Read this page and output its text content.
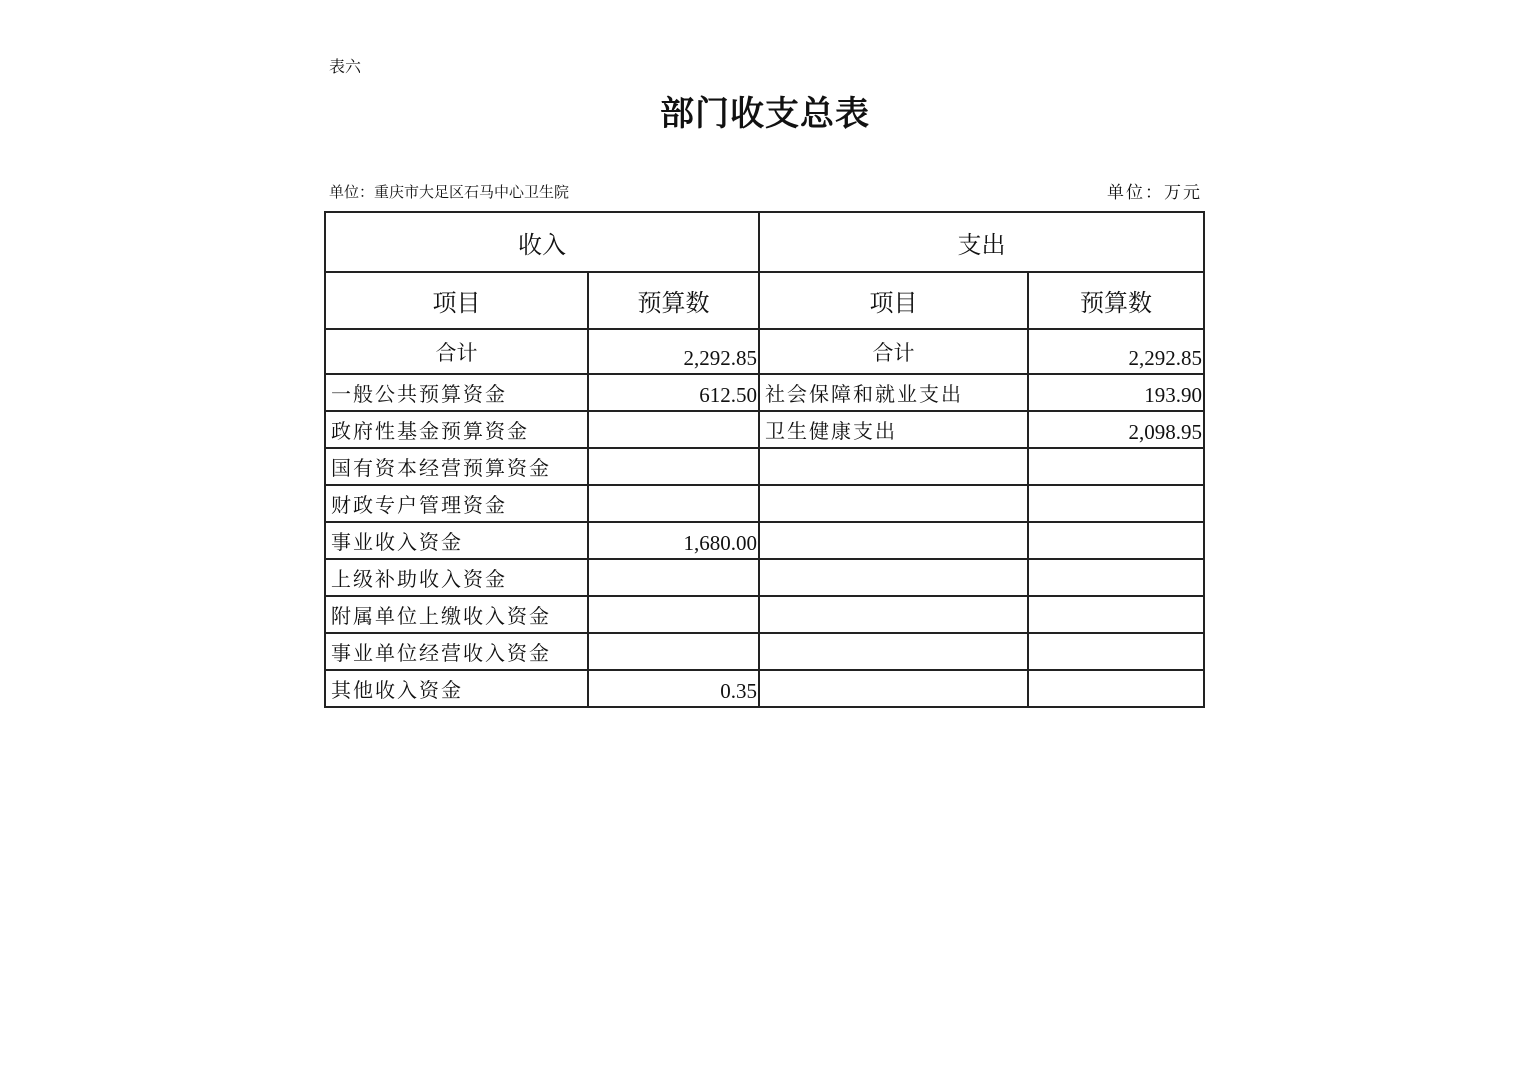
表六
部门收支总表
单位：重庆市大足区石马中心卫生院	单位：万元
收入		支出	
项目	预算数	项目	预算数
合计	2,292.85	合计	2,292.85
一般公共预算资金	612.50	社会保障和就业支出	193.90
政府性基金预算资金		卫生健康支出	2,098.95
国有资本经营预算资金			
财政专户管理资金			
事业收入资金	1,680.00		
上级补助收入资金			
附属单位上缴收入资金			
事业单位经营收入资金			
其他收入资金	0.35		
